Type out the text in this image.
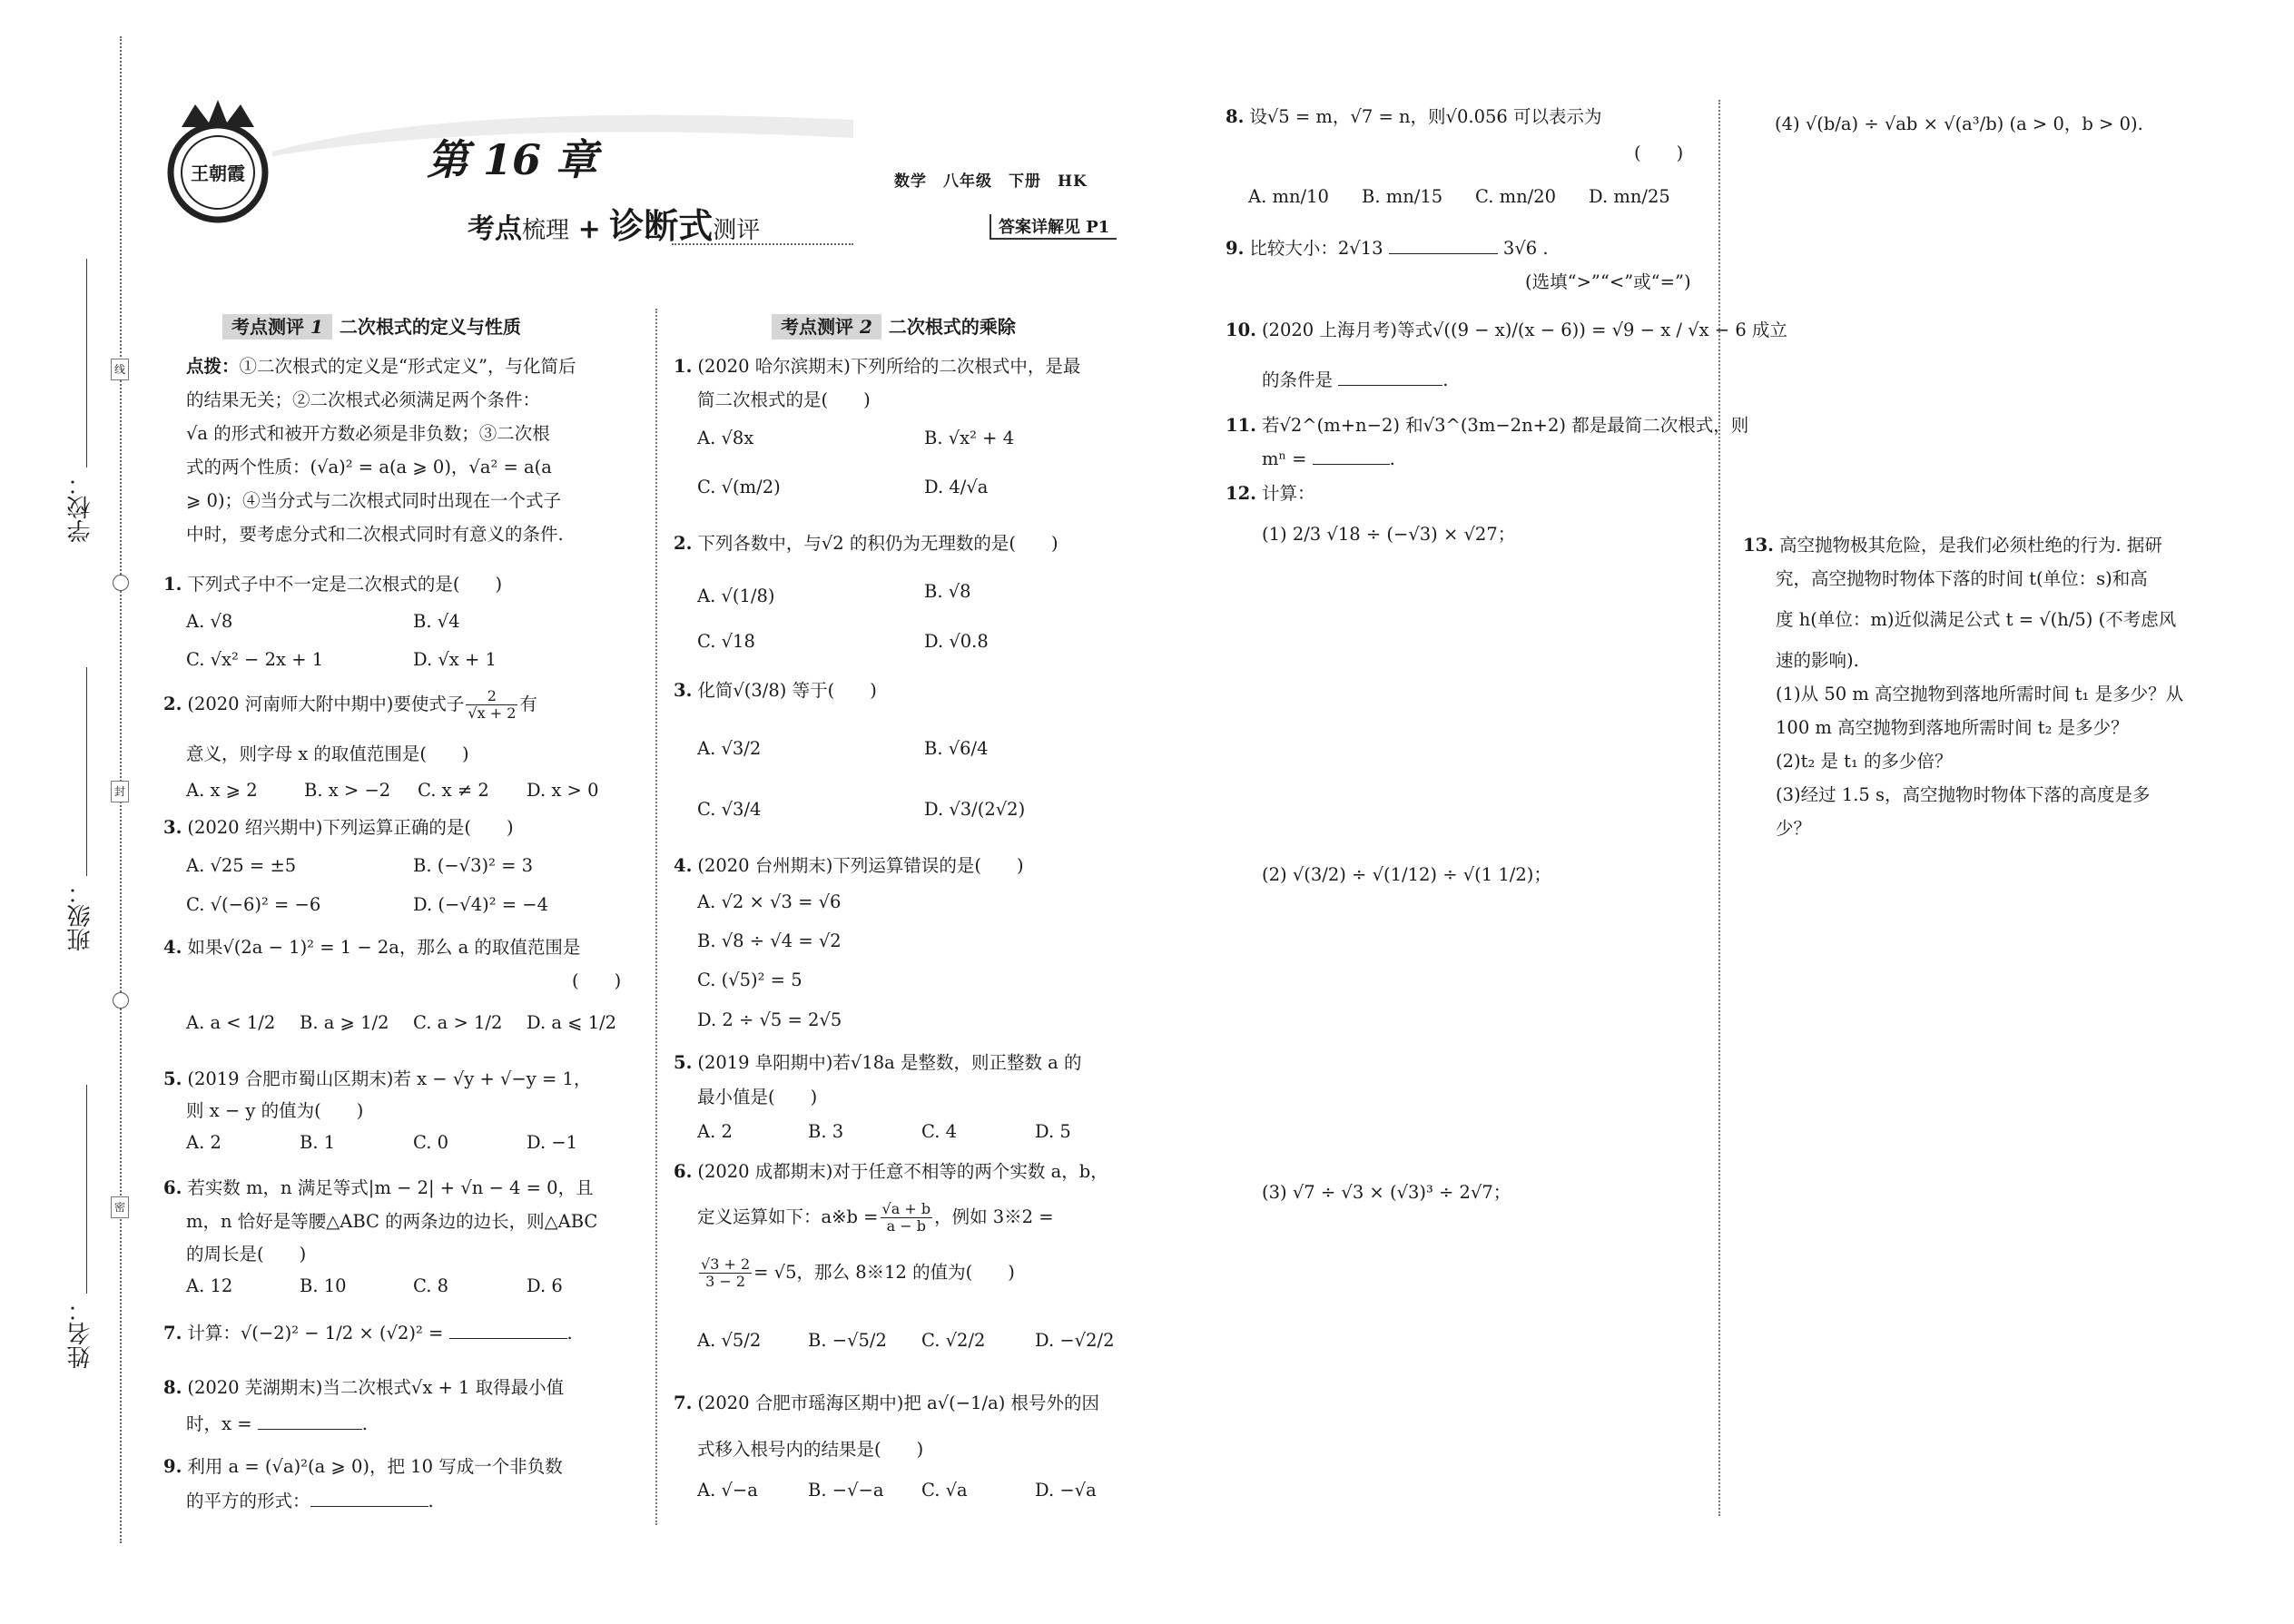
学校：
班级：
姓名：
线
封
密
王朝霞	第 16 章
考点梳理 + 诊断式测评
数学　八年级　下册　HK
答案详解见 P1
考点测评 1 二次根式的定义与性质
点拨：①二次根式的定义是“形式定义”，与化简后
的结果无关；②二次根式必须满足两个条件：
√a 的形式和被开方数必须是非负数；③二次根
式的两个性质：(√a)² = a(a ⩾ 0)，√a² = a(a
⩾ 0)；④当分式与二次根式同时出现在一个式子
中时，要考虑分式和二次根式同时有意义的条件.
1. 下列式子中不一定是二次根式的是(　　)
A. √8	B. √4
C. √x² − 2x + 1	D. √x + 1
2. (2020 河南师大附中期中)要使式子 $\frac{2}{√x + 2}$ 有
意义，则字母 x 的取值范围是(　　)
A. x ⩾ 2	B. x > −2 C. x ≠ 2 D. x > 0
3. (2020 绍兴期中)下列运算正确的是(　　)
A. √25 = ±5	B. (−√3)² = 3
C. √(−6)² = −6	D. (−√4)² = −4
4. 如果√(2a − 1)² = 1 − 2a，那么 a 的取值范围是
(　　)
A. a < 1/2 B. a ⩾ 1/2 C. a > 1/2 D. a ⩽ 1/2
5. (2019 合肥市蜀山区期末)若 x − √y + √−y = 1，
则 x − y 的值为(　　)
A. 2	B. 1	C. 0	D. −1
6. 若实数 m，n 满足等式|m − 2| + √n − 4 = 0，且
m，n 恰好是等腰△ABC 的两条边的边长，则△ABC
的周长是(　　)
A. 12	B. 10	C. 8	D. 6
7. 计算：√(−2)² − 1/2 × (√2)² =	.
8. (2020 芜湖期末)当二次根式√x + 1 取得最小值
时，x =	.
9. 利用 a = (√a)²(a ⩾ 0)，把 10 写成一个非负数
的平方的形式：	.
考点测评 2 二次根式的乘除
1. (2020 哈尔滨期末)下列所给的二次根式中，是最
简二次根式的是(　　)
A. √8x	B. √x² + 4
C. √(m/2)	D. 4/√a
2. 下列各数中，与√2 的积仍为无理数的是(　　)
A. √(1/8)	B. √8
C. √18	D. √0.8
3. 化简√(3/8) 等于(　　)
A. √3/2	B. √6/4
C. √3/4	D. √3/(2√2)
4. (2020 台州期末)下列运算错误的是(　　)
A. √2 × √3 = √6
B. √8 ÷ √4 = √2
C. (√5)² = 5
D. 2 ÷ √5 = 2√5
5. (2019 阜阳期中)若√18a 是整数，则正整数 a 的
最小值是(　　)
A. 2	B. 3	C. 4	D. 5
6. (2020 成都期末)对于任意不相等的两个实数 a，b，
定义运算如下：a※b = $\frac{√a + b}{a - b}$ ，例如 3※2 =
$\frac{√3 + 2}{3 - 2} = √5$，那么 8※12 的值为(　　)
A. √5/2	B. −√5/2 C. √2/2	D. −√2/2
7. (2020 合肥市瑶海区期中)把 a√(−1/a) 根号外的因
式移入根号内的结果是(　　)
A. √−a	B. −√−a C. √a	D. −√a
8. 设√5 = m，√7 = n，则√0.056 可以表示为
(　　)
A. mn/10 B. mn/15 C. mn/20 D. mn/25
9. 比较大小：2√13	3√6 .
(选填“>”“<”或“=”)
10. (2020 上海月考)等式√((9 − x)/(x − 6)) = √9 − x / √x − 6 成立
的条件是	.
11. 若√2^(m+n−2) 和√3^(3m−2n+2) 都是最简二次根式，则
mⁿ =	.
12. 计算：
(1) 2/3 √18 ÷ (−√3) × √27；
(2) √(3/2) ÷ √(1/12) ÷ √(1 1/2)；
(3) √7 ÷ √3 × (√3)³ ÷ 2√7；
(4) √(b/a) ÷ √ab × √(a³/b) (a > 0，b > 0).
13. 高空抛物极其危险，是我们必须杜绝的行为. 据研
究，高空抛物时物体下落的时间 t(单位：s)和高
度 h(单位：m)近似满足公式 t = √(h/5) (不考虑风
速的影响).
(1)从 50 m 高空抛物到落地所需时间 t₁ 是多少？从
100 m 高空抛物到落地所需时间 t₂ 是多少？
(2)t₂ 是 t₁ 的多少倍？
(3)经过 1.5 s，高空抛物时物体下落的高度是多
少？
